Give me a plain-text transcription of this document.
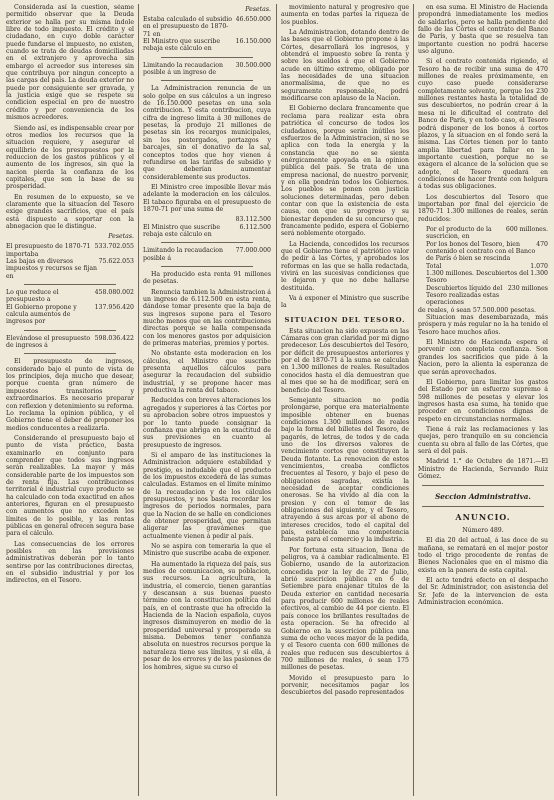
Considerada así la cuestion, séame permitido observar que la Deuda exterior se halla por su misma índole libre de todo impuesto. El crédito y el ciudadano, en cuyo doble carácter puede fundarse el impuesto, no existen, cuando se trata de deudas domiciliadas en el extranjero y aprovecha sin embargo el acreedor sus intereses sin que contribuya por ningun concepto a las cargas del país. La deuda exterior no puede por consiguiente ser gravada, y la justicia exige que se respete su condicion especial en pro de nuestro crédito y por conveniencia de los mismos acreedores.

Siendo así, es indispensable crear por otros medios los recursos que la situacion requiere, y asegurar el equilibrio de los presupuestos por la reduccion de los gastos públicos y el aumento de los ingresos, sin que la nacion pierda la confianza de los capitales, que son la base de su prosperidad.

En resumen de lo expuesto, se ve claramente que la situacion del Tesoro exige grandes sacrificios, que el país está dispuesto a soportar con la abnegacion que le distingue.

Pesetas.
El presupuesto de 1870-71 importaba
533.702.055
Las bajas en diversos impuestos y recursos se fijan en
75.622.053
Lo que reduce el presupuesto a
458.080.002
El Gobierno propone y calcula aumentos de ingresos por
137.956.420
Elevándose el presupuesto de ingresos á
598.036.422

El presupuesto de ingresos, considerado bajo el punto de vista de los principios, deja mucho que desear, porque cuenta gran número de impuestos transitorios y extraordinarios. Es necesario preparar con reflexion y detenimiento su reforma. Lo reclama la opinion pública, y el Gobierno tiene el deber de proponer los medios conducentes a realizarla.

Considerando el presupuesto bajo el punto de vista práctico, basta examinarlo en conjunto para comprender que todos sus ingresos serán realizables. La mayor y más considerable parte de los impuestos son de renta fija. Las contribuciones territorial é industrial cuyo producto se ha calculado con toda exactitud en años anteriores, figuran en el presupuesto con aumentos que no exceden los límites de lo posible, y las rentas públicas en general ofrecen segura base para el cálculo.

Las consecuencias de los errores posibles en las previsiones administrativas deberán por lo tanto sentirse por las contribuciones directas, en el subsidio industrial y por los indirectos, en el Tesoro.

Pesetas.
Estaba calculado el subsidio en el presupuesto de 1870-71 en
46.650.000
El Ministro que suscribe rebaja este cálculo en
16.150.000
Limitando la recaudacion posible á un ingreso de
30.500.000

La Administracion renuncia de un solo golpe en sus cálculos a un ingreso de 16.150.000 pesetas en una sola contribucion. Y esta contribucion, cuya cifra de ingreso limita á 30 millones de pesetas, la produjo 21 millones de pesetas sin los recargos municipales, sin los postergados, portazgos y barcajes, sin el donativo de la sal, conceptos todos que hoy vienen á refundirse en las tarifas de subsidio y que deberían aumentar considerablemente sus productos.

El Ministro cree imposible llevar más adelante la moderacion en los cálculos. El tabaco figuraba en el presupuesto de 1870-71 por una suma de

83.112.500
El Ministro que suscribe rebaja este cálculo en
6.112.500
Limitando la recaudacion posible á
77.000.000

Ha producido esta renta 91 millones de pesetas.

Renuncia tambien la Administracion á un ingreso de 6.112.500 en esta renta, dándose tomar presente que la baja de sus ingresos supone para el Tesoro mucho menos que en las contribuciones directas porque se halla compensada con los menores gastos por adquisicion de primeras materias, premios y portes.

No obstante esta moderacion en los cálculos, el Ministro que suscribe presenta aquellos cálculos para asegurar la recaudacion del subsidio industrial, y se propone hacer mas productiva la renta del tabaco.

Reducidos con breves alteraciones los agregados y superiores á las Córtes por su aprobacion sobre otros impuestos y por lo tanto puede consignar la confianza que abriga en la exactitud de sus previsiones en cuanto al presupuesto de ingresos.

Si el amparo de las instituciones la Administracion adquiere estabilidad y prestigio, es indudable que el producto de los impuestos excederá de las sumas calculadas. Estamos en el límite mínimo de la recaudacion y de los cálculos presupuestos, y nos basta recordar los ingresos de periodos normales, para que la Nacion de se halle en condiciones de obtener prosperidad, que permitan aligerar las gravámenes que actualmente vienen á pedir al país.

No se aspira con temeraria la que el Ministro que suscribe acaba de exponer.

Ha aumentado la riqueza del país, sus medios de comunicacion, su poblacion, sus recursos. La agricultura, la industria, el comercio, tienen garantías y descansan a sus buenas puesto término con la constitucion política del país, en el contraste que ha ofrecido la Hacienda de la Nacion española, cuyos ingresos disminuyeron en medio de la prosperidad universal y prosperado su misma. Debemos tener confianza absoluta en nuestros recursos porque la naturaleza tiene sus límites, y si ella, á pesar de los errores y de las pasiones de los hombres, sigue su curso el

movimiento natural y progresivo que aumenta en todas partes la riqueza de los pueblos.

La Administracion, dotando dentro de las bases que el Gobierno propone á las Córtes, desarrollará los ingresos, y obtendrá el impuesto sobre la renta y sobre los sueldos á que el Gobierno acude en último extremo, obligado por las necesidades de una situacion anormalísima, de que no es seguramente responsable, podrá modificarse con aplauso de la Nacion.

El Gobierno declara francamente que reclama para realizar esta obra patriótica el concurso de todos los ciudadanos, porque serán inútiles los esfuerzos de la Administracion, si no se aplica con toda la energía y la constancia que no se sienta enérgicamente apoyada en la opinion pública del país. Se trata de una empresa nacional, de nuestro porvenir, y en ella pondrán todos los Gobiernos. Los pueblos se ponen con justicia soluciones determinadas, pero deben contar con que la existencia de esta causa, con que su progreso y su bienestar dependen de su concurso que, francamente pedido, espera el Gobierno será noblemente otorgado.

La Hacienda, concedidos los recursos que el Gobierno tiene el patriótico valor de pedir á las Córtes, y aprobados los reformas en las que se halla redactada, vivirá en las sucesivas condiciones que le dejaron y que no debe hallarse destituida.

Va á exponer el Ministro que suscribe la

SITUACION DEL TESORO.

Esta situacion ha sido expuesta en las Cámaras con gran claridad por mi digno predecesor. Los descubiertos del Tesoro, por déficit de presupuestos anteriores y por el de 1870-71 á la suma se calculan en 1.300 millones de reales. Resultados conocidos hasta el día demuestran que al mes que se ha de modificar, será en beneficio del Tesoro.

Semejante situacion no podía prolongarse, porque era materialmente imposible obtener en buenas condiciones 1.300 millones de reales bajo la forma del billetes del Tesoro, de pagarés, de letras, de todos y de cada uno de los diversos valores de vencimiento cortos que constituyen la Deuda flotante. La renovacion de estos vencimientos, creaba conflictos frecuentes al Tesoro, y bajo el peso de obligaciones sagradas, existía la necesidad de aceptar condiciones onerosas. Se ha vivido al día con la presion y con el temor de las obligaciones del siguiente, y el Tesoro, atrayendo á sus arcas por el abono de intereses crecidos, todo el capital del país, establecía una competencia funesta para el comercio y la industria.

Por fortuna esta situacion, llena de peligros, va á cambiar radicalmente. El Gobierno, usando de la autorizacion concedida por la ley de 27 de Julio, abrió suscricion pública en 6 de Setiembre para enajenar títulos de la Deuda exterior en cantidad necesaria para producir 600 millones de reales efectivos, al cambio de 44 por ciento. El país conoce los brillantes resultados de esta operacion. Se ha ofrecido al Gobierno en la suscricion pública una suma de ocho veces mayor de la pedida, y el Tesoro cuenta con 600 millones de reales que reducen sus descubiertos á 700 millones de reales, ó sean 175 millones de pesetas.

Movido el presupuesto para lo porvenir, necesitamos pagar los descubiertos del pasado representados

en esa suma. El Ministro de Hacienda propondrá inmediatamente los medios de saldarlos, pero se halla pendiente del fallo de las Córtes el contrato del Banco de París, y basta que se resuelva tan importante cuestion no podrá hacerse uso alguno.

Si el contrato contenida rigiendo, el Tesoro ha de recibir una suma de 470 millones de reales próximamente, en cuyo caso puede considerarse completamente solvente, porque los 230 millones restantes hasta la totalidad de sus descubiertos, no podrán crear á la mesa ni le dificultad el contrato del Banco de París, y en todo caso, el Tesoro podrá disponer de los bonos á cortos plazos, y la situacion en el fondo será la misma. Las Córtes tienen por lo tanto amplia libertad para fallar en la importante cuestion, porque no se exagera el alcance de la solucion que se adopte, el Tesoro quedará en condiciones de hacer frente con holgura á todas sus obligaciones.

Los descubiertos del Tesoro que importaban por final del ejercicio de 1870-71 1.300 millones de reales, serán reducidos:

Por el producto de la suscricion, en
600 millones.
Por los bonos del Tesoro, bien contenido el contrato con el Banco de París ó bien se rescinda
470
Total	1.070
1.300 millones. Descubiertos del Tesoro
1.300
Descubiertos líquido del Tesoro realizadas estas operaciones
230 millones
de reales, ó sean 57.500.000 pesetas.

Situacion mas desembarazada, más próspera y más regular no la ha tenido el Tesoro hace muchos años.

El Ministro de Hacienda espera el porvenir con completa confianza. Son grandes los sacrificios que pide á la Nacion, pero la alienta la esperanza de que serán aprovechados.

El Gobierno, para limitar los gastos del Estado por un esfuerzo supremo á 598 millones de pesetas y elevar los ingresos hasta esa suma, ha tenido que proceder en condiciones dignas de respeto en circunstancias normales.

Tiene á raíz las reclamaciones y las quejas, pero tranquilo en su conciencia cuenta su obra al fallo de las Córtes, que será el del país.

Madrid 1.° de Octubre de 1871.—El Ministro de Hacienda, Servando Ruiz Gómez.

Seccion Administrativa.
ANUNCIO.
Número 489.

El dia 20 del actual, á las doce de su mañana, se rematará en el mejor postor todo el trigo procedente de rentas de Bienes Nacionales que en el mismo dia exista en la panera de esta capital.

El acto tendrá efecto en el despacho del Sr. Administrador, con asistencia del Sr. Jefe de la intervencion de esta Administracion económica.
